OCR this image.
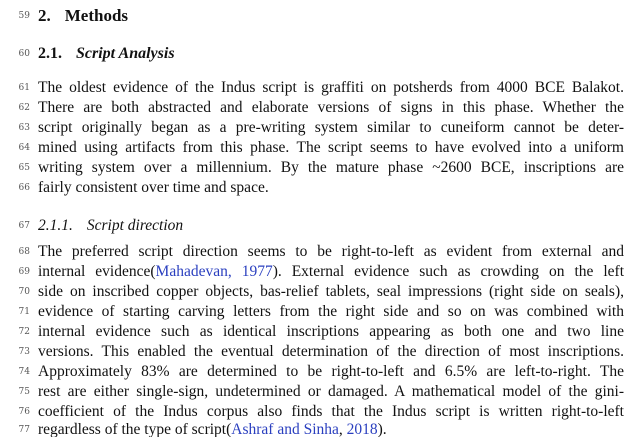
59 2. Methods
60 2.1. Script Analysis
61 The oldest evidence of the Indus script is graffiti on potsherds from 4000 BCE Balakot.
62 There are both abstracted and elaborate versions of signs in this phase. Whether the
63 script originally began as a pre-writing system similar to cuneiform cannot be deter-
64 mined using artifacts from this phase. The script seems to have evolved into a uniform
65 writing system over a millennium. By the mature phase ~2600 BCE, inscriptions are
66 fairly consistent over time and space.
67 2.1.1. Script direction
68 The preferred script direction seems to be right-to-left as evident from external and
69 internal evidence(Mahadevan, 1977). External evidence such as crowding on the left
70 side on inscribed copper objects, bas-relief tablets, seal impressions (right side on seals),
71 evidence of starting carving letters from the right side and so on was combined with
72 internal evidence such as identical inscriptions appearing as both one and two line
73 versions. This enabled the eventual determination of the direction of most inscriptions.
74 Approximately 83% are determined to be right-to-left and 6.5% are left-to-right. The
75 rest are either single-sign, undetermined or damaged. A mathematical model of the gini-
76 coefficient of the Indus corpus also finds that the Indus script is written right-to-left
77 regardless of the type of script(Ashraf and Sinha, 2018).
